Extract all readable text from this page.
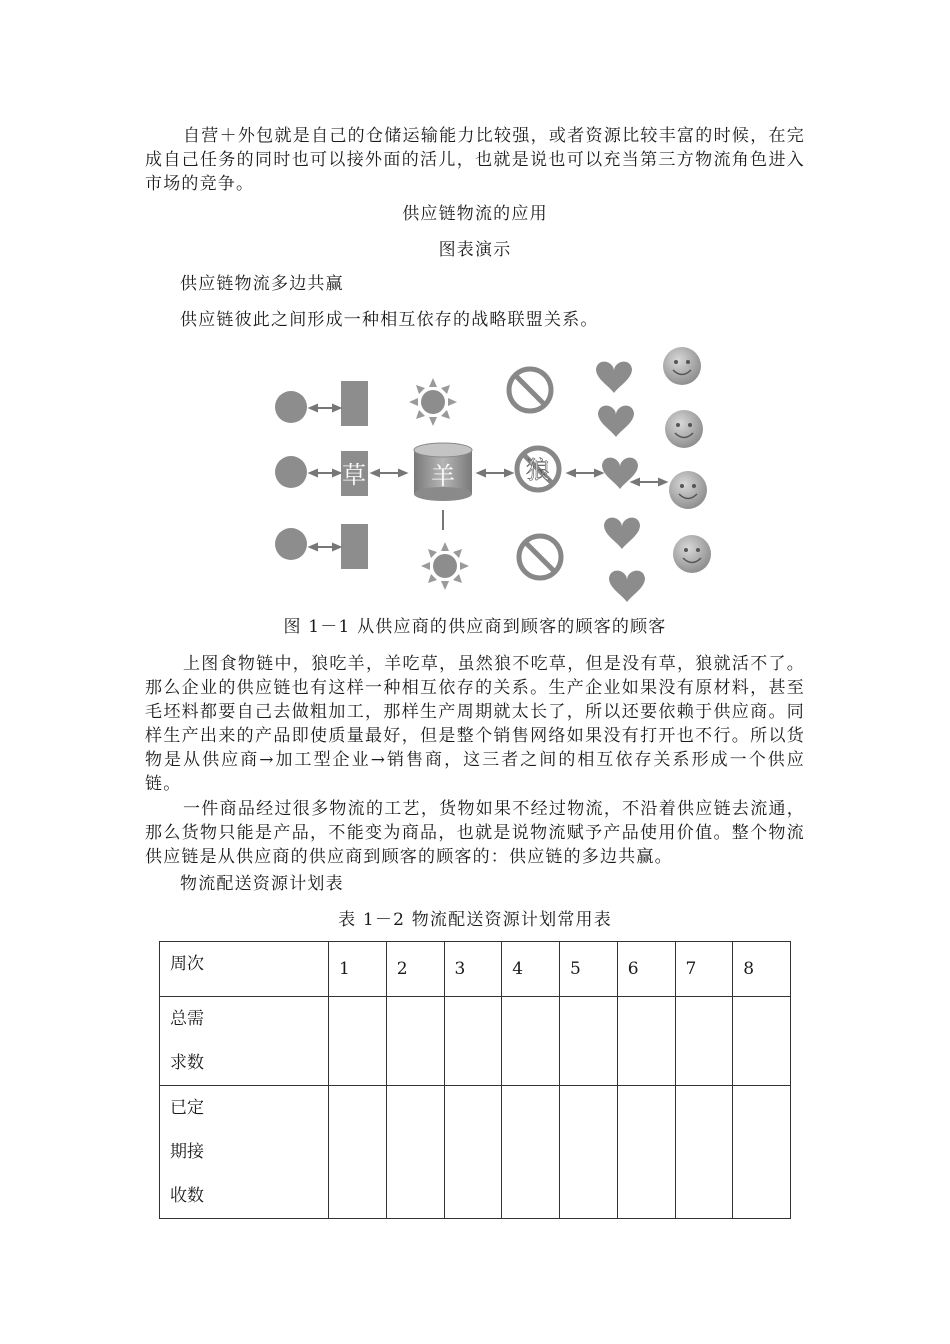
自营＋外包就是自己的仓储运输能力比较强，或者资源比较丰富的时候，在完成自己任务的同时也可以接外面的活儿，也就是说也可以充当第三方物流角色进入市场的竞争。

供应链物流的应用

图表演示

供应链物流多边共赢

供应链彼此之间形成一种相互依存的战略联盟关系。

草	羊	狼

图 1－1 从供应商的供应商到顾客的顾客的顾客

上图食物链中，狼吃羊，羊吃草，虽然狼不吃草，但是没有草，狼就活不了。那么企业的供应链也有这样一种相互依存的关系。生产企业如果没有原材料，甚至毛坯料都要自己去做粗加工，那样生产周期就太长了，所以还要依赖于供应商。同样生产出来的产品即使质量最好，但是整个销售网络如果没有打开也不行。所以货物是从供应商→加工型企业→销售商，这三者之间的相互依存关系形成一个供应链。

一件商品经过很多物流的工艺，货物如果不经过物流，不沿着供应链去流通，那么货物只能是产品，不能变为商品，也就是说物流赋予产品使用价值。整个物流供应链是从供应商的供应商到顾客的顾客的：供应链的多边共赢。

物流配送资源计划表

表 1－2 物流配送资源计划常用表

周次	1	2	3	4	5	6	7	8

总需
求数								

已定
期接
收数								
